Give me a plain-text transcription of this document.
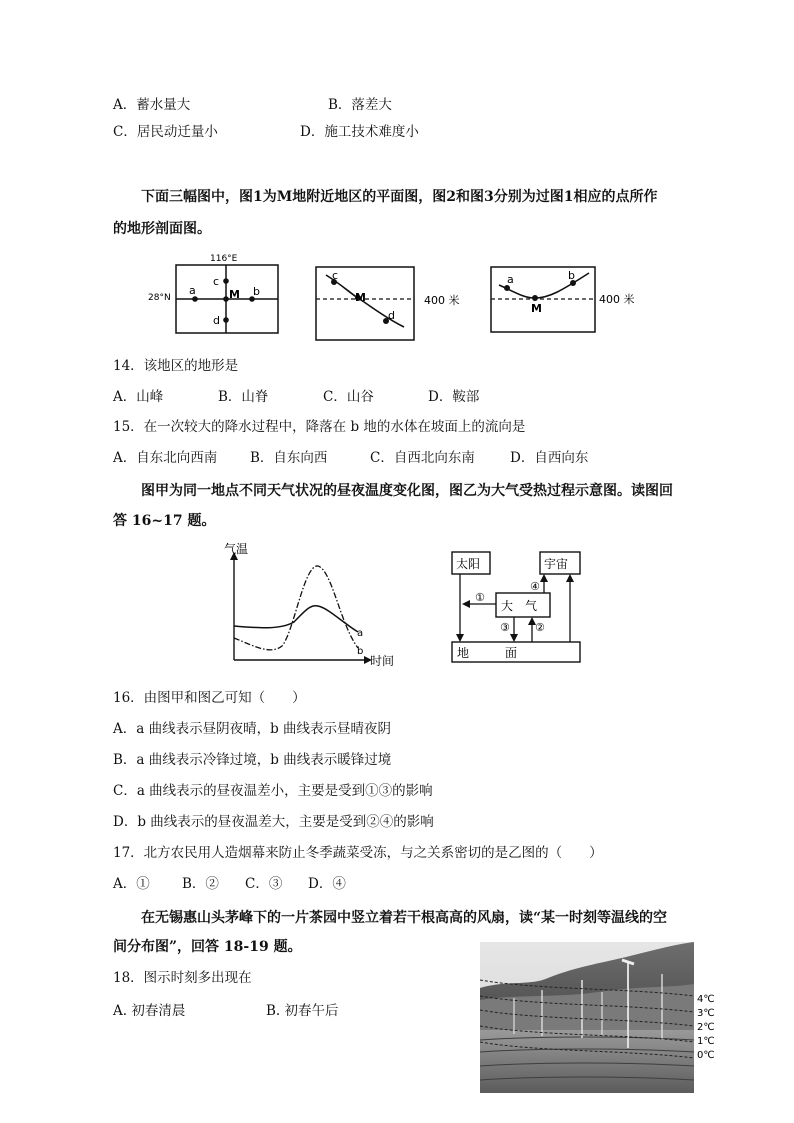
A．蓄水量大	B．落差大
C．居民动迁量小	D．施工技术难度小
下面三幅图中，图1为M地附近地区的平面图，图2和图3分别为过图1相应的点所作
的地形剖面图。
116°E
28°N
a	b
c
M
d
c
M
d
400 米
a
M
b
400 米
14．该地区的地形是
A．山峰	B．山脊	C．山谷	D．鞍部
15．在一次较大的降水过程中，降落在 b 地的水体在坡面上的流向是
A．自东北向西南 B．自东向西	C．自西北向东南	D．自西向东
图甲为同一地点不同天气状况的昼夜温度变化图，图乙为大气受热过程示意图。读图回
答 16~17 题。
气温
时间
a
b
太阳	宇宙
大　气
地　　　面
①
③ ②
④
16．由图甲和图乙可知（　　）
A．a 曲线表示昼阴夜晴，b 曲线表示昼晴夜阴
B．a 曲线表示冷锋过境，b 曲线表示暖锋过境
C．a 曲线表示的昼夜温差小，主要是受到①③的影响
D．b 曲线表示的昼夜温差大，主要是受到②④的影响
17．北方农民用人造烟幕来防止冬季蔬菜受冻，与之关系密切的是乙图的（　　）
A．① B．② C．③ D．④
在无锡惠山头茅峰下的一片茶园中竖立着若干根高高的风扇，读“某一时刻等温线的空
间分布图”，回答 18-19 题。
18．图示时刻多出现在
A. 初春清晨	B. 初春午后
4℃
3℃
2℃
1℃
0℃
